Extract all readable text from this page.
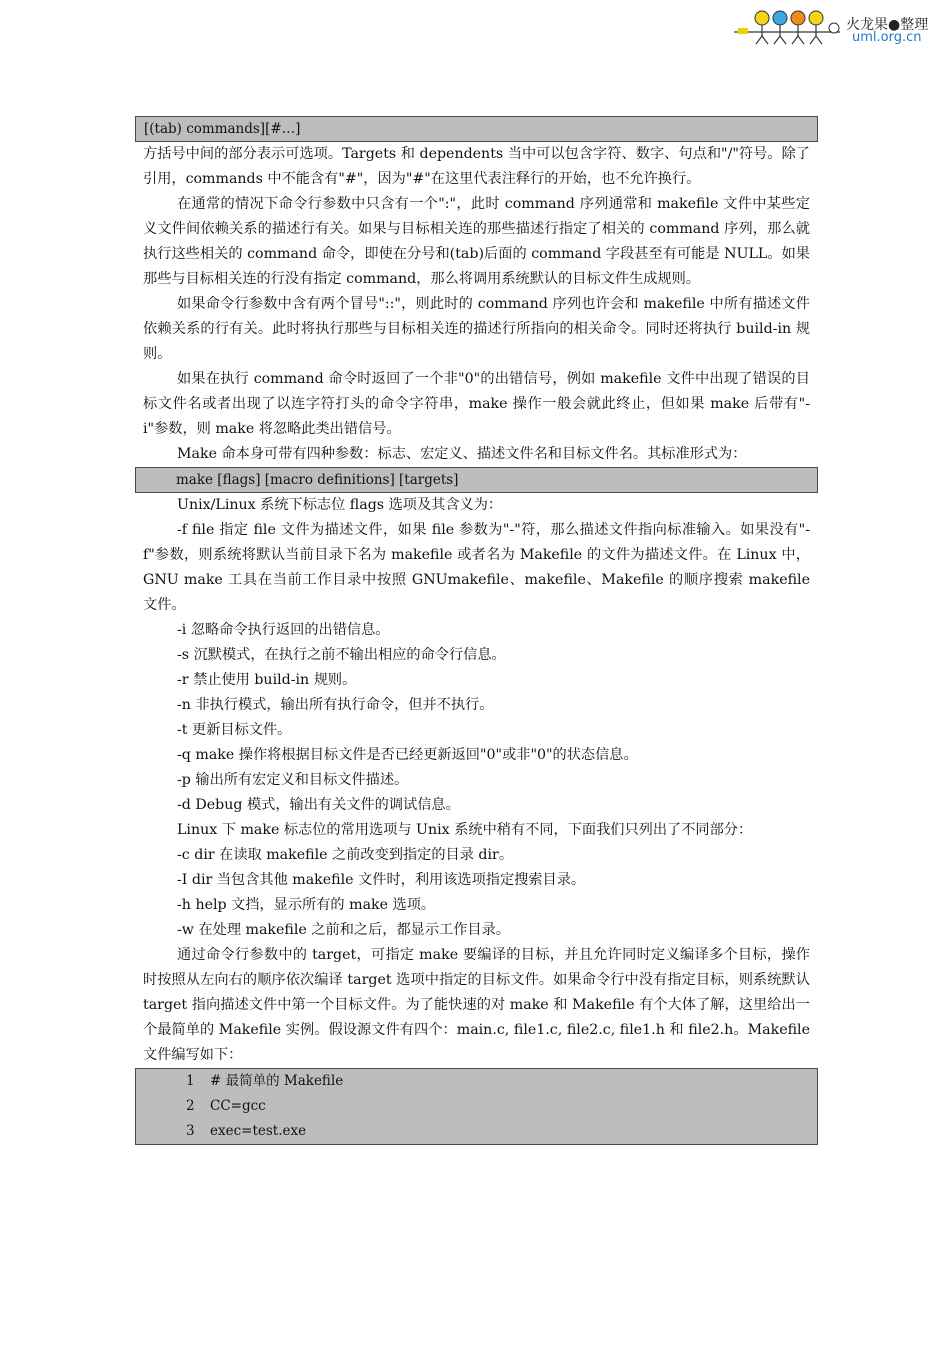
火龙果●整理
uml.org.cn
[(tab) commands][#…]

方括号中间的部分表示可选项。Targets 和 dependents 当中可以包含字符、数字、句点和"/"符号。除了引用，commands 中不能含有"#"，因为"#"在这里代表注释行的开始，也不允许换行。

在通常的情况下命令行参数中只含有一个":"，此时 command 序列通常和 makefile 文件中某些定义文件间依赖关系的描述行有关。如果与目标相关连的那些描述行指定了相关的 command 序列，那么就执行这些相关的 command 命令，即使在分号和(tab)后面的 command 字段甚至有可能是 NULL。如果那些与目标相关连的行没有指定 command，那么将调用系统默认的目标文件生成规则。

如果命令行参数中含有两个冒号"::"，则此时的 command 序列也许会和 makefile 中所有描述文件依赖关系的行有关。此时将执行那些与目标相关连的描述行所指向的相关命令。同时还将执行 build-in 规则。

如果在执行 command 命令时返回了一个非"0"的出错信号，例如 makefile 文件中出现了错误的目标文件名或者出现了以连字符打头的命令字符串，make 操作一般会就此终止，但如果 make 后带有"-i"参数，则 make 将忽略此类出错信号。

Make 命本身可带有四种参数：标志、宏定义、描述文件名和目标文件名。其标准形式为：

make [flags] [macro definitions] [targets]

Unix/Linux 系统下标志位 flags 选项及其含义为：

-f file 指定 file 文件为描述文件，如果 file 参数为"-"符，那么描述文件指向标准输入。如果没有"-f"参数，则系统将默认当前目录下名为 makefile 或者名为 Makefile 的文件为描述文件。在 Linux 中，GNU make 工具在当前工作目录中按照 GNUmakefile、makefile、Makefile 的顺序搜索 makefile 文件。

-i 忽略命令执行返回的出错信息。

-s 沉默模式，在执行之前不输出相应的命令行信息。

-r 禁止使用 build-in 规则。

-n 非执行模式，输出所有执行命令，但并不执行。

-t 更新目标文件。

-q make 操作将根据目标文件是否已经更新返回"0"或非"0"的状态信息。

-p 输出所有宏定义和目标文件描述。

-d Debug 模式，输出有关文件的调试信息。

Linux 下 make 标志位的常用选项与 Unix 系统中稍有不同，下面我们只列出了不同部分：

-c dir 在读取 makefile 之前改变到指定的目录 dir。

-I dir 当包含其他 makefile 文件时，利用该选项指定搜索目录。

-h help 文挡，显示所有的 make 选项。

-w 在处理 makefile 之前和之后，都显示工作目录。

通过命令行参数中的 target，可指定 make 要编译的目标，并且允许同时定义编译多个目标，操作时按照从左向右的顺序依次编译 target 选项中指定的目标文件。如果命令行中没有指定目标，则系统默认 target 指向描述文件中第一个目标文件。为了能快速的对 make 和 Makefile 有个大体了解，这里给出一个最简单的 Makefile 实例。假设源文件有四个：main.c, file1.c, file2.c, file1.h 和 file2.h。Makefile 文件编写如下：

1 # 最简单的 Makefile
2 CC=gcc
3 exec=test.exe
